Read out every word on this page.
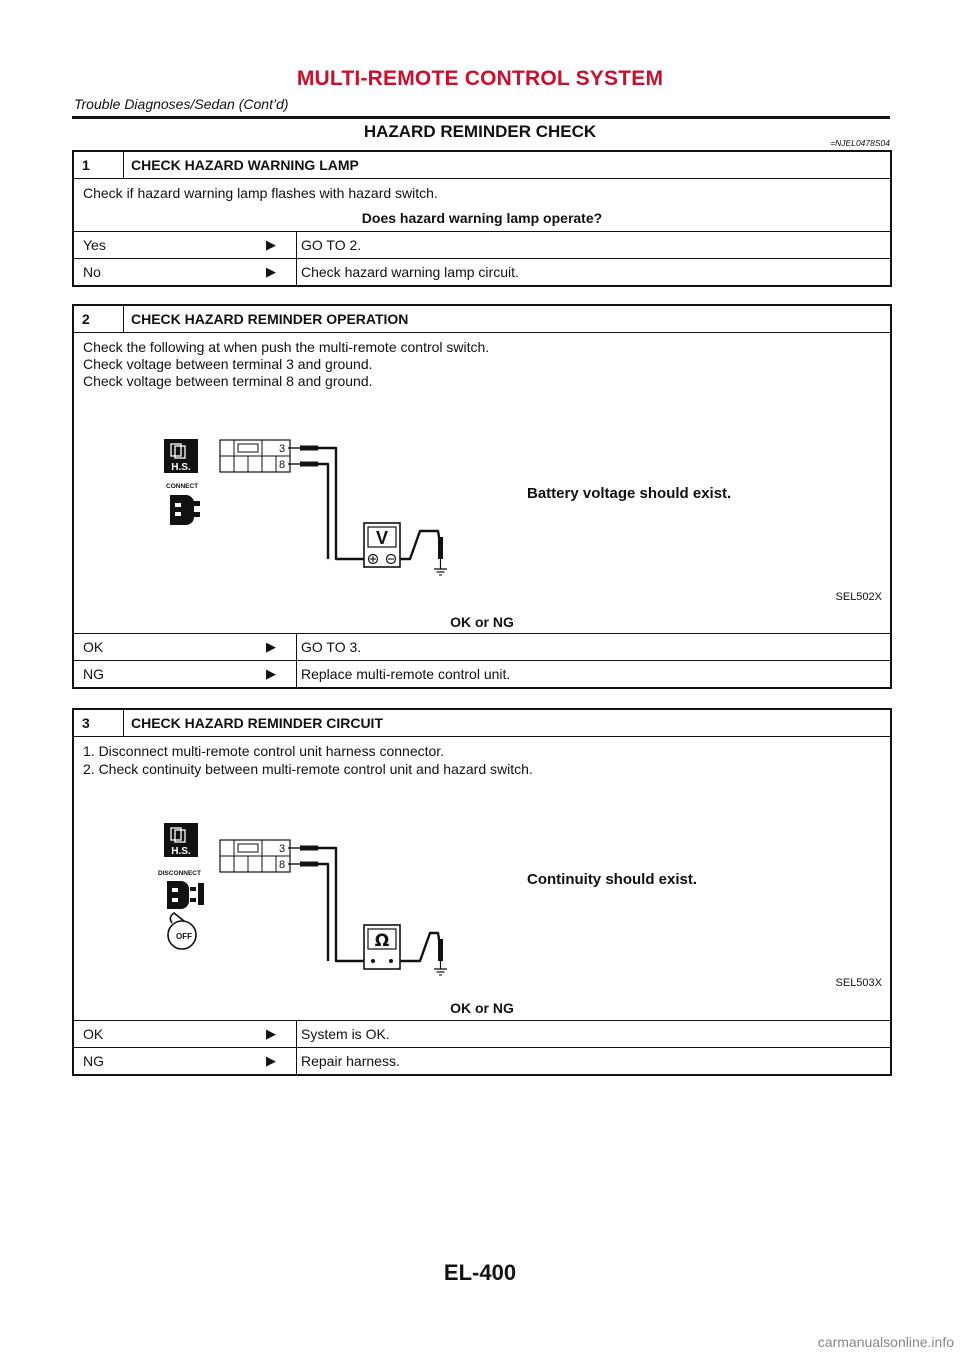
MULTI-REMOTE CONTROL SYSTEM
Trouble Diagnoses/Sedan (Cont’d)
HAZARD REMINDER CHECK
=NJEL0478S04
1	CHECK HAZARD WARNING LAMP
Check if hazard warning lamp flashes with hazard switch.
Does hazard warning lamp operate?
Yes	▶ GO TO 2.
No	▶ Check hazard warning lamp circuit.
2	CHECK HAZARD REMINDER OPERATION
Check the following at when push the multi-remote control switch.
Check voltage between terminal 3 and ground.
Check voltage between terminal 8 and ground.
H.S.
CONNECT
3
8
V
Battery voltage should exist.
SEL502X
OK or NG
OK	▶ GO TO 3.
NG	▶ Replace multi-remote control unit.
3	CHECK HAZARD REMINDER CIRCUIT
1. Disconnect multi-remote control unit harness connector.
2. Check continuity between multi-remote control unit and hazard switch.
H.S.
DISCONNECT
OFF
3
8
Ω
Continuity should exist.
SEL503X
OK or NG
OK	▶ System is OK.
NG	▶ Repair harness.
EL-400
carmanualsonline.info
